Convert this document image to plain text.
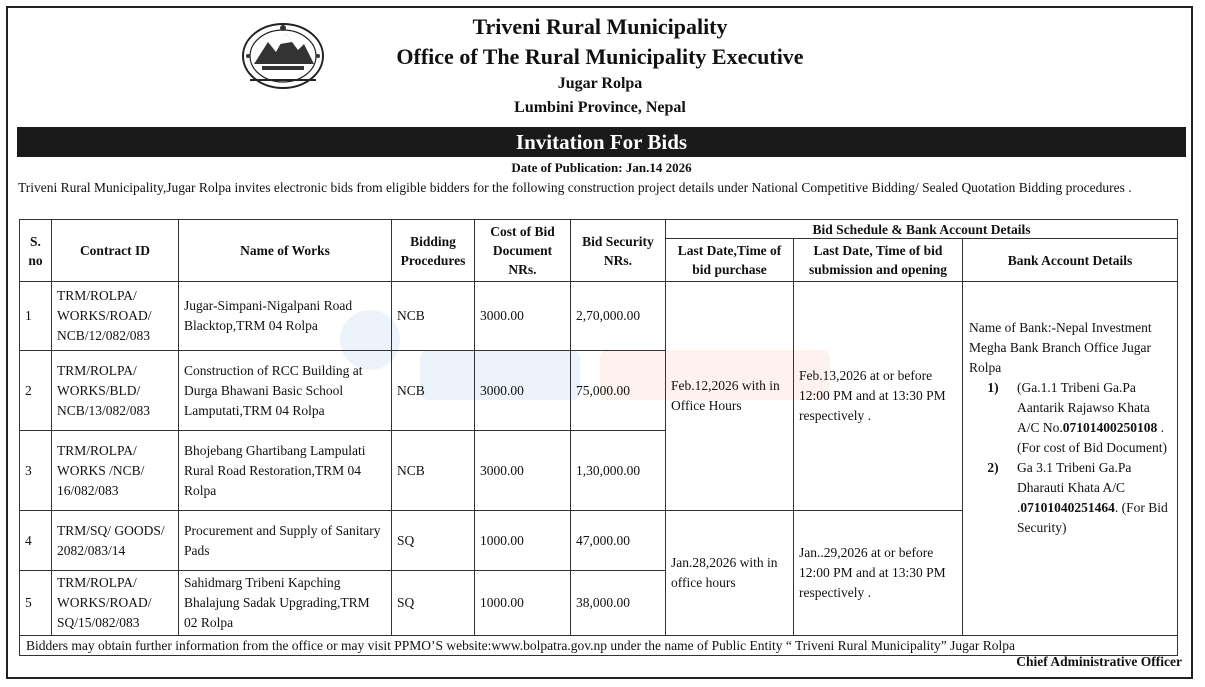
Triveni Rural Municipality
Office of The Rural Municipality Executive
Jugar Rolpa
Lumbini Province, Nepal
Invitation For Bids
Date of Publication: Jan.14 2026
Triveni Rural Municipality,Jugar Rolpa invites electronic bids from eligible bidders for the following construction project details under National Competitive Bidding/ Sealed Quotation Bidding procedures .
S. no	Contract ID	Name of Works	Bidding Procedures	Cost of Bid Document NRs.	Bid Security NRs.	Bid Schedule & Bank Account Details		
						Last Date,Time of bid purchase	Last Date, Time of bid submission and opening	Bank Account Details
1	TRM/ROLPA/ WORKS/ROAD/ NCB/12/082/083	Jugar-Simpani-Nigalpani Road Blacktop,TRM 04 Rolpa	NCB	3000.00	2,70,000.00	Feb.12,2026 with in Office Hours	Feb.13,2026 at or before 12:00 PM and at 13:30 PM respectively .	Name of Bank:-Nepal Investment Megha Bank Branch Office Jugar Rolpa
1) (Ga.1.1 Tribeni Ga.Pa Aantarik Rajawso Khata A/C No.07101400250108 .(For cost of Bid Document)
2) Ga 3.1 Tribeni Ga.Pa Dharauti Khata A/C .07101040251464. (For Bid Security)

2	TRM/ROLPA/ WORKS/BLD/ NCB/13/082/083	Construction of RCC Building at Durga Bhawani Basic School Lamputati,TRM 04 Rolpa	NCB	3000.00	75,000.00			
3	TRM/ROLPA/ WORKS /NCB/ 16/082/083	Bhojebang Ghartibang Lampulati Rural Road Restoration,TRM 04 Rolpa	NCB	3000.00	1,30,000.00			
4	TRM/SQ/ GOODS/ 2082/083/14	Procurement and Supply of Sanitary Pads	SQ	1000.00	47,000.00	Jan.28,2026 with in office hours	Jan..29,2026 at or before 12:00 PM and at 13:30 PM respectively .	
5	TRM/ROLPA/ WORKS/ROAD/ SQ/15/082/083	Sahidmarg Tribeni Kapching Bhalajung Sadak Upgrading,TRM 02 Rolpa	SQ	1000.00	38,000.00			
Bidders may obtain further information from the office or may visit PPMO’S website:www.bolpatra.gov.np under the name of Public Entity “ Triveni Rural Municipality” Jugar Rolpa								
Chief Administrative Officer
